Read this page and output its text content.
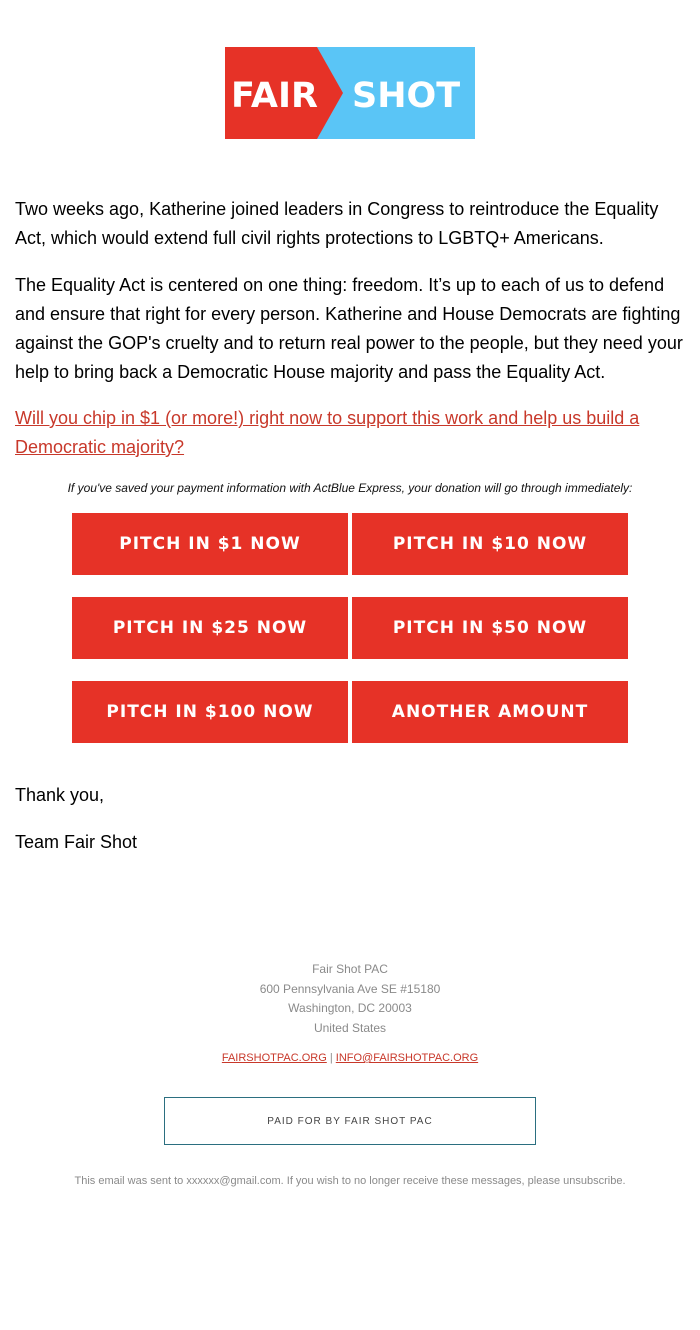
FAIR SHOT

Two weeks ago, Katherine joined leaders in Congress to reintroduce the Equality Act, which would extend full civil rights protections to LGBTQ+ Americans.

The Equality Act is centered on one thing: freedom. It’s up to each of us to defend and ensure that right for every person. Katherine and House Democrats are fighting against the GOP's cruelty and to return real power to the people, but they need your help to bring back a Democratic House majority and pass the Equality Act.

Will you chip in $1 (or more!) right now to support this work and help us build a Democratic majority?

If you've saved your payment information with ActBlue Express, your donation will go through immediately:
PITCH IN $1 NOW	PITCH IN $10 NOW
PITCH IN $25 NOW	PITCH IN $50 NOW
PITCH IN $100 NOW	ANOTHER AMOUNT

Thank you,

Team Fair Shot

Fair Shot PAC
600 Pennsylvania Ave SE #15180
Washington, DC 20003
United States
FAIRSHOTPAC.ORG | INFO@FAIRSHOTPAC.ORG
PAID FOR BY FAIR SHOT PAC
This email was sent to xxxxxx@gmail.com. If you wish to no longer receive these messages, please unsubscribe.
